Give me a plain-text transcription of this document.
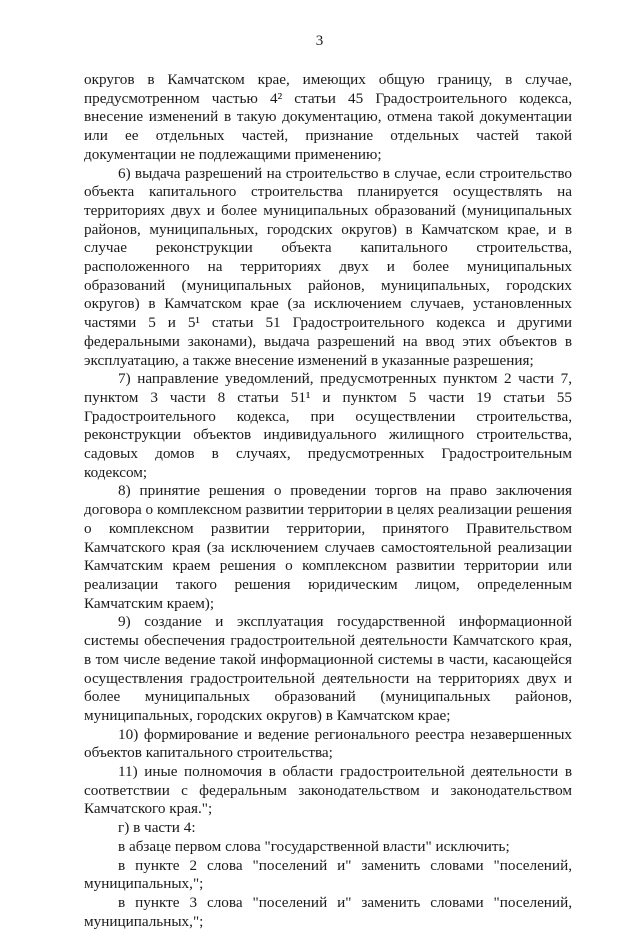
3

округов в Камчатском крае, имеющих общую границу, в случае, предусмотренном частью 4² статьи 45 Градостроительного кодекса, внесение изменений в такую документацию, отмена такой документации или ее отдельных частей, признание отдельных частей такой документации не подлежащими применению;

6) выдача разрешений на строительство в случае, если строительство объекта капитального строительства планируется осуществлять на территориях двух и более муниципальных образований (муниципальных районов, муниципальных, городских округов) в Камчатском крае, и в случае реконструкции объекта капитального строительства, расположенного на территориях двух и более муниципальных образований (муниципальных районов, муниципальных, городских округов) в Камчатском крае (за исключением случаев, установленных частями 5 и 5¹ статьи 51 Градостроительного кодекса и другими федеральными законами), выдача разрешений на ввод этих объектов в эксплуатацию, а также внесение изменений в указанные разрешения;

7) направление уведомлений, предусмотренных пунктом 2 части 7, пунктом 3 части 8 статьи 51¹ и пунктом 5 части 19 статьи 55 Градостроительного кодекса, при осуществлении строительства, реконструкции объектов индивидуального жилищного строительства, садовых домов в случаях, предусмотренных Градостроительным кодексом;

8) принятие решения о проведении торгов на право заключения договора о комплексном развитии территории в целях реализации решения о комплексном развитии территории, принятого Правительством Камчатского края (за исключением случаев самостоятельной реализации Камчатским краем решения о комплексном развитии территории или реализации такого решения юридическим лицом, определенным Камчатским краем);

9) создание и эксплуатация государственной информационной системы обеспечения градостроительной деятельности Камчатского края, в том числе ведение такой информационной системы в части, касающейся осуществления градостроительной деятельности на территориях двух и более муниципальных образований (муниципальных районов, муниципальных, городских округов) в Камчатском крае;

10) формирование и ведение регионального реестра незавершенных объектов капитального строительства;

11) иные полномочия в области градостроительной деятельности в соответствии с федеральным законодательством и законодательством Камчатского края.";

г) в части 4:

в абзаце первом слова "государственной власти" исключить;

в пункте 2 слова "поселений и" заменить словами "поселений, муниципальных,";

в пункте 3 слова "поселений и" заменить словами "поселений, муниципальных,";
